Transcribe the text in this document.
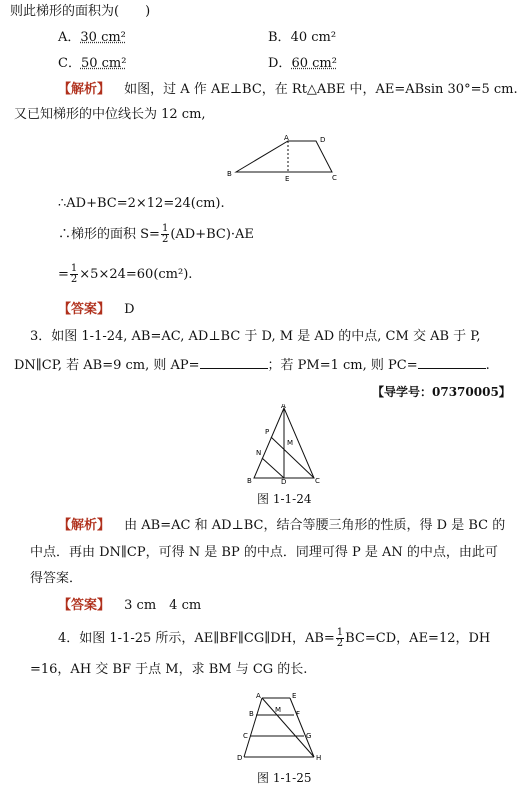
则此梯形的面积为(　　)
A．30 cm²	B．40 cm²
C．50 cm²	D．60 cm²
【解析】 如图，过 A 作 AE⊥BC，在 Rt△ABE 中，AE=ABsin 30°=5 cm.
又已知梯形的中位线长为 12 cm,
A	D
B
E	C
∴AD+BC=2×12=24(cm).
∴梯形的面积 $S= \frac{1}{2} (AD+BC)\cdot AE$
= $\frac{1}{2} \times 5\times 24=60(cm^2)$.
【答案】 D
3．如图 1-1-24, AB=AC, AD⊥BC 于 D, M 是 AD 的中点, CM 交 AB 于 P,
DN∥CP, 若 AB=9 cm, 则 AP=	；若 PM=1 cm, 则 PC=	.
【导学号：07370005】
A
P
M
N
B	D	C
图 1-1-24
【解析】 由 AB=AC 和 AD⊥BC，结合等腰三角形的性质，得 D 是 BC 的
中点．再由 DN∥CP，可得 N 是 BP 的中点．同理可得 P 是 AN 的中点，由此可
得答案．
【答案】 3 cm　4 cm
4．如图 1-1-25 所示，AE∥BF∥CG∥DH，$AB= \frac{1}{2} BC=CD$，AE=12，DH
=16，AH 交 BF 于点 M，求 BM 与 CG 的长.
A	E
B	M F
C	G
D	H
图 1-1-25
